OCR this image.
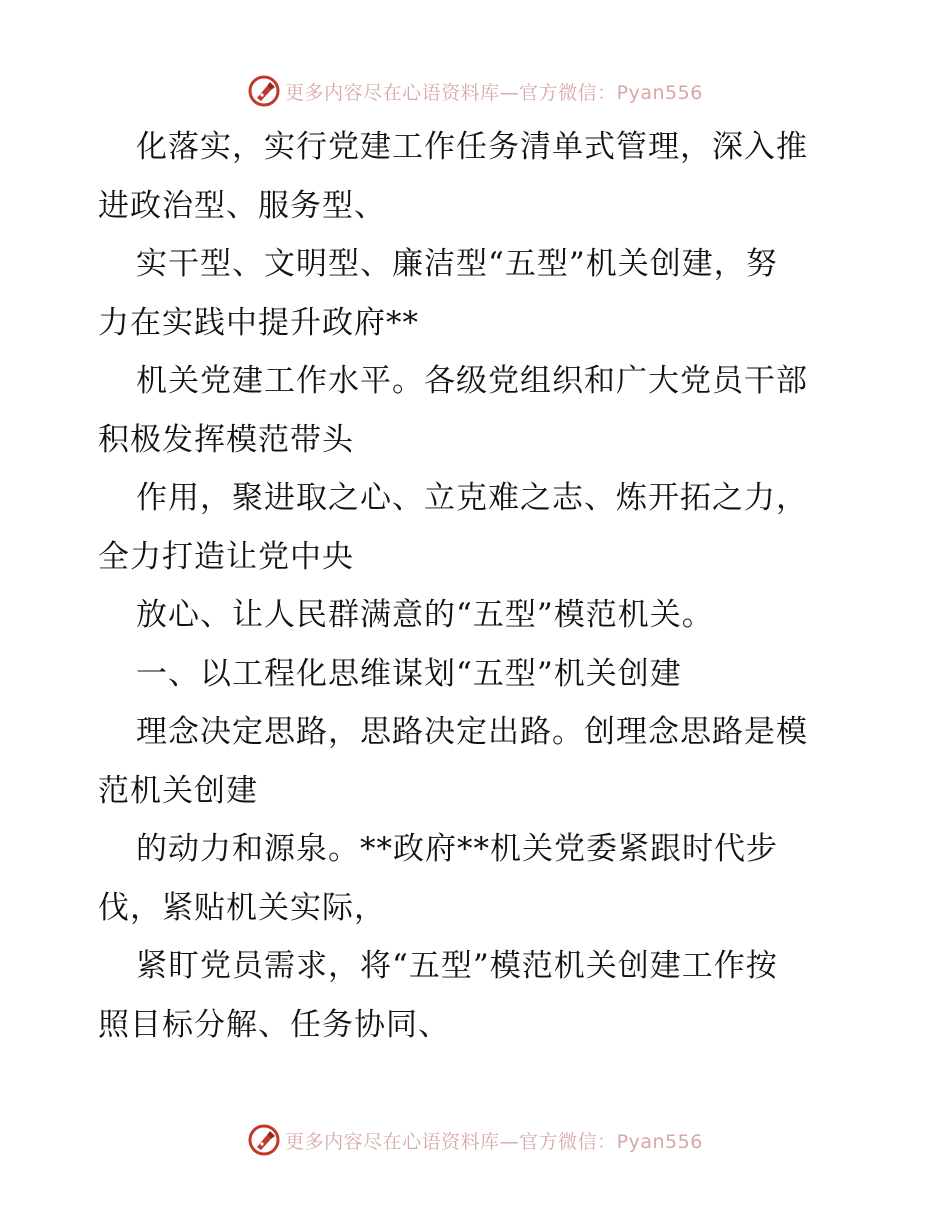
更多内容尽在心语资料库—官方微信：Pyan556
化落实，实行党建工作任务清单式管理，深入推
进政治型、服务型、
实干型、文明型、廉洁型“五型”机关创建，努
力在实践中提升政府**
机关党建工作水平。各级党组织和广大党员干部
积极发挥模范带头
作用，聚进取之心、立克难之志、炼开拓之力，
全力打造让党中央
放心、让人民群满意的“五型”模范机关。
一、以工程化思维谋划“五型”机关创建
理念决定思路，思路决定出路。创理念思路是模
范机关创建
的动力和源泉。**政府**机关党委紧跟时代步
伐，紧贴机关实际，
紧盯党员需求，将“五型”模范机关创建工作按
照目标分解、任务协同、
更多内容尽在心语资料库—官方微信：Pyan556
